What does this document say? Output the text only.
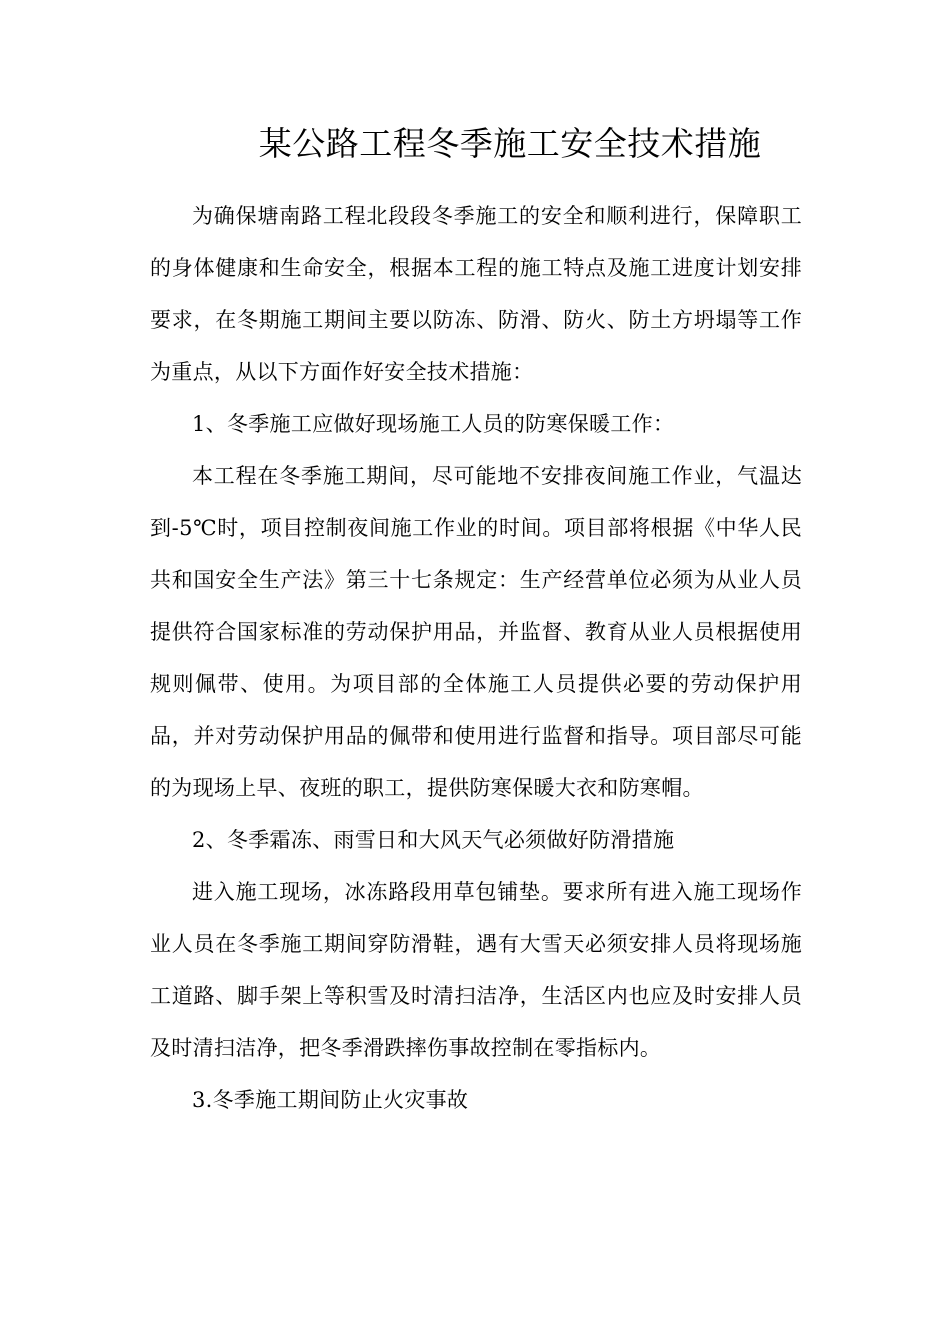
某公路工程冬季施工安全技术措施

为确保塘南路工程北段段冬季施工的安全和顺利进行，保障职工的身体健康和生命安全，根据本工程的施工特点及施工进度计划安排要求，在冬期施工期间主要以防冻、防滑、防火、防土方坍塌等工作为重点，从以下方面作好安全技术措施：

1、冬季施工应做好现场施工人员的防寒保暖工作：

本工程在冬季施工期间，尽可能地不安排夜间施工作业，气温达到-5℃时，项目控制夜间施工作业的时间。项目部将根据《中华人民共和国安全生产法》第三十七条规定：生产经营单位必须为从业人员提供符合国家标准的劳动保护用品，并监督、教育从业人员根据使用规则佩带、使用。为项目部的全体施工人员提供必要的劳动保护用品，并对劳动保护用品的佩带和使用进行监督和指导。项目部尽可能的为现场上早、夜班的职工，提供防寒保暖大衣和防寒帽。

2、冬季霜冻、雨雪日和大风天气必须做好防滑措施

进入施工现场，冰冻路段用草包铺垫。要求所有进入施工现场作业人员在冬季施工期间穿防滑鞋，遇有大雪天必须安排人员将现场施工道路、脚手架上等积雪及时清扫洁净，生活区内也应及时安排人员及时清扫洁净，把冬季滑跌摔伤事故控制在零指标内。

3.冬季施工期间防止火灾事故
